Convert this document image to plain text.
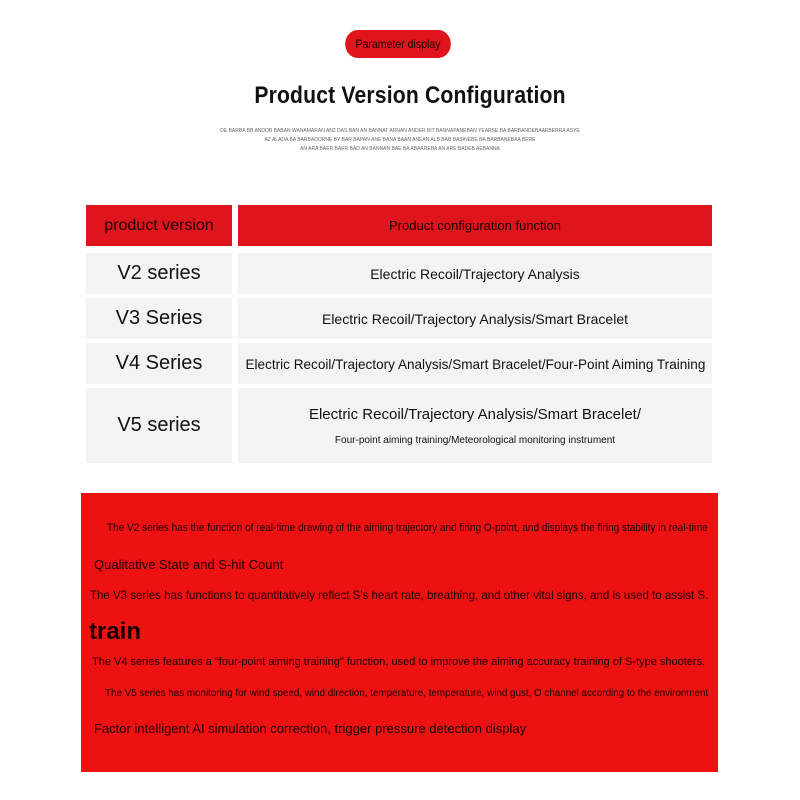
Parameter display
Product Version Configuration
DE BARBA BB ANDOB BABAN WANAMARAN AN2 DAS BAN AN BANNAT ARNAN ANDER BIT BANNAPANEBAN YEARSE BA BARBANDEBAAEBERRA ASYE
AZ ALADA BA BARBADORNE BY BAR BAPAN ANE BANA BAAN ANEAN ALB BAB BASINEBE BA BARBANEBAA BERE
AN ARA BAER BAER BAD AN BANNAN BAE BA ABAAREBA AN ARE BADEB AEBANNA
product version	Product configuration function
V2 series	Electric Recoil/Trajectory Analysis
V3 Series	Electric Recoil/Trajectory Analysis/Smart Bracelet
V4 Series	Electric Recoil/Trajectory Analysis/Smart Bracelet/Four-Point Aiming Training
V5 series	Electric Recoil/Trajectory Analysis/Smart Bracelet/
Four-point aiming training/Meteorological monitoring instrument
The V2 series has the function of real-time drawing of the aiming trajectory and firing O-point, and displays the firing stability in real-time
Qualitative State and S-hit Count
The V3 series has functions to quantitatively reflect S's heart rate, breathing, and other vital signs, and is used to assist S.
train
The V4 series features a "four-point aiming training" function, used to improve the aiming accuracy training of S-type shooters.
The V5 series has monitoring for wind speed, wind direction, temperature, temperature, wind gust, O channel according to the environment
Factor intelligent AI simulation correction, trigger pressure detection display
